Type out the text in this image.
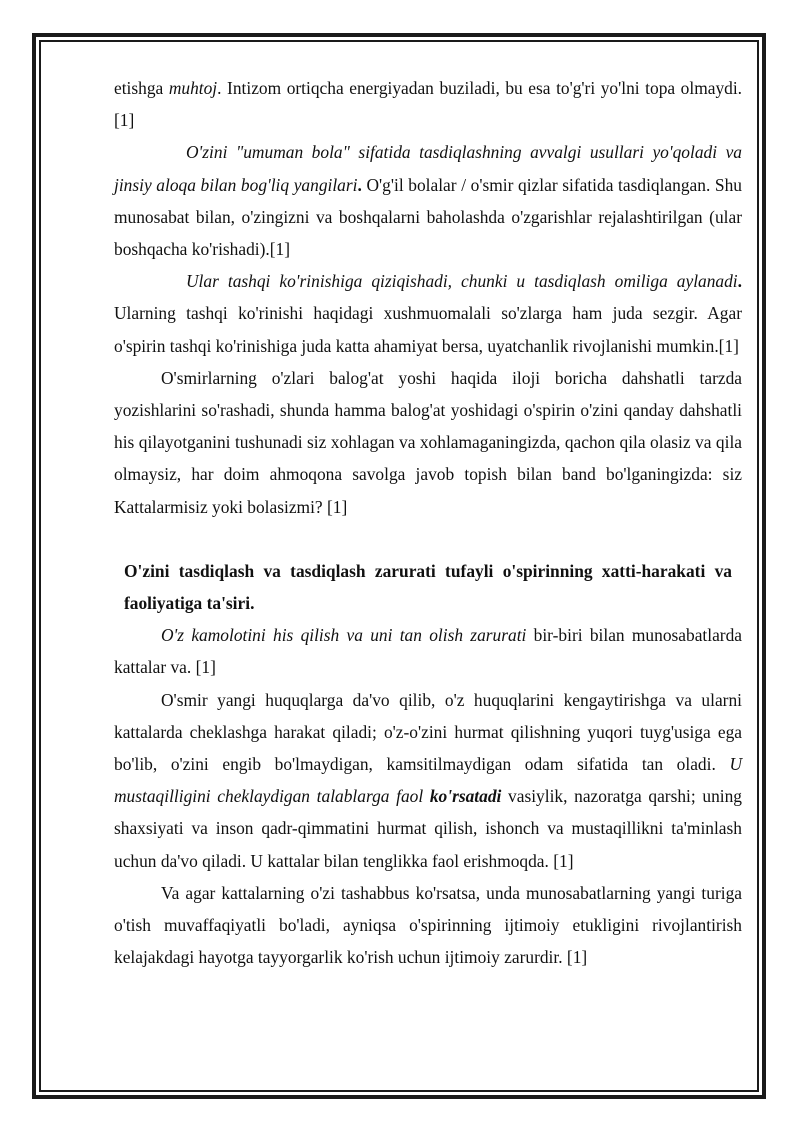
etishga muhtoj. Intizom ortiqcha energiyadan buziladi, bu esa to'g'ri yo'lni topa olmaydi.[1]

O'zini "umuman bola" sifatida tasdiqlashning avvalgi usullari yo'qoladi va jinsiy aloqa bilan bog'liq yangilari. O'g'il bolalar / o'smir qizlar sifatida tasdiqlangan. Shu munosabat bilan, o'zingizni va boshqalarni baholashda o'zgarishlar rejalashtirilgan (ular boshqacha ko'rishadi).[1]

Ular tashqi ko'rinishiga qiziqishadi, chunki u tasdiqlash omiliga aylanadi. Ularning tashqi ko'rinishi haqidagi xushmuomalali so'zlarga ham juda sezgir. Agar o'spirin tashqi ko'rinishiga juda katta ahamiyat bersa, uyatchanlik rivojlanishi mumkin.[1]

O'smirlarning o'zlari balog'at yoshi haqida iloji boricha dahshatli tarzda yozishlarini so'rashadi, shunda hamma balog'at yoshidagi o'spirin o'zini qanday dahshatli his qilayotganini tushunadi siz xohlagan va xohlamaganingizda, qachon qila olasiz va qila olmaysiz, har doim ahmoqona savolga javob topish bilan band bo'lganingizda: siz Kattalarmisiz yoki bolasizmi? [1]

O'zini tasdiqlash va tasdiqlash zarurati tufayli o'spirinning xatti-harakati va faoliyatiga ta'siri.

O'z kamolotini his qilish va uni tan olish zarurati bir-biri bilan munosabatlarda kattalar va. [1]

O'smir yangi huquqlarga da'vo qilib, o'z huquqlarini kengaytirishga va ularni kattalarda cheklashga harakat qiladi; o'z-o'zini hurmat qilishning yuqori tuyg'usiga ega bo'lib, o'zini engib bo'lmaydigan, kamsitilmaydigan odam sifatida tan oladi. U mustaqilligini cheklaydigan talablarga faol ko'rsatadi vasiylik, nazoratga qarshi; uning shaxsiyati va inson qadr-qimmatini hurmat qilish, ishonch va mustaqillikni ta'minlash uchun da'vo qiladi. U kattalar bilan tenglikka faol erishmoqda. [1]

Va agar kattalarning o'zi tashabbus ko'rsatsa, unda munosabatlarning yangi turiga o'tish muvaffaqiyatli bo'ladi, ayniqsa o'spirinning ijtimoiy etukligini rivojlantirish kelajakdagi hayotga tayyorgarlik ko'rish uchun ijtimoiy zarurdir. [1]
